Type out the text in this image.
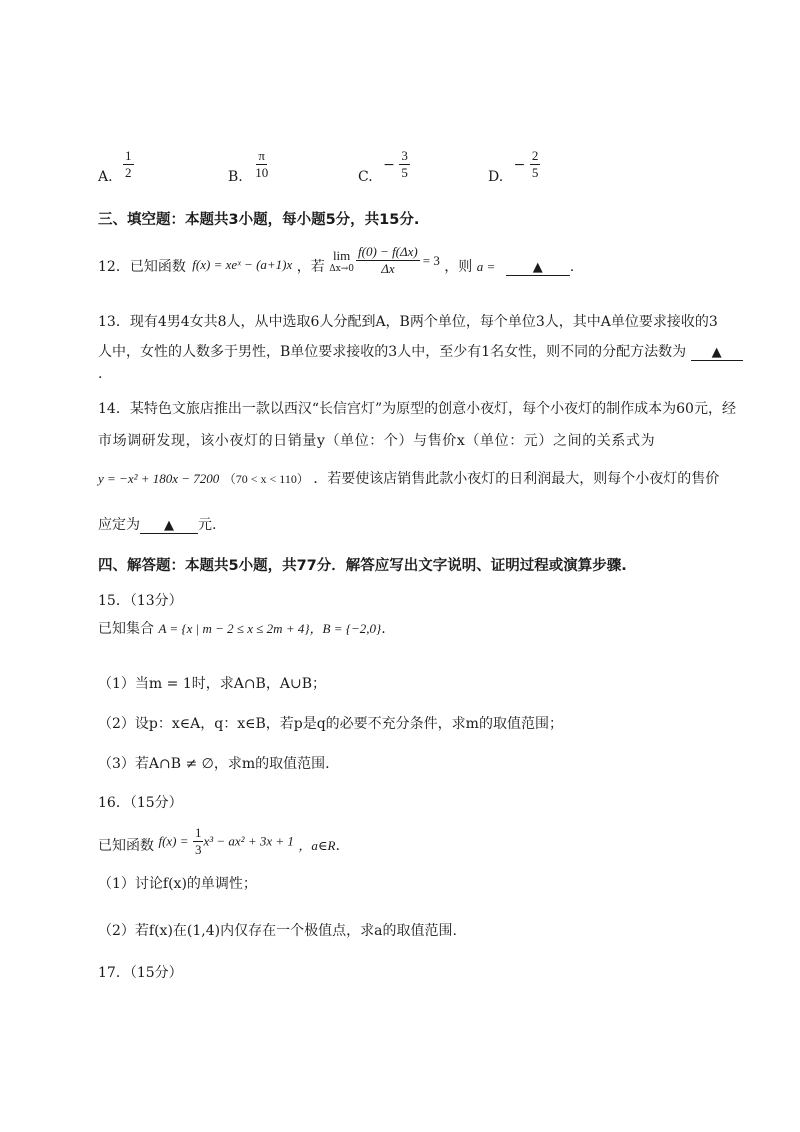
A. $\frac{1}{2}$	B. $\frac{\pi}{10}$	C. − $\frac{3}{5}$	D. − $\frac{2}{5}$
三、填空题：本题共3小题，每小题5分，共15分.
12．已知函数 f(x) = xeˣ − (a+1)x ，若
lim
$\Delta x\to 0 \frac{f(0) - f(\Delta x)}{\Delta x} = 3$ ，则 a =	▲ .
13．现有4男4女共8人，从中选取6人分配到A，B两个单位，每个单位3人，其中A单位要求接收的3
人中，女性的人数多于男性，B单位要求接收的3人中，至少有1名女性，则不同的分配方法数为 ▲
.
14．某特色文旅店推出一款以西汉“长信宫灯”为原型的创意小夜灯，每个小夜灯的制作成本为60元，经
市场调研发现，该小夜灯的日销量y（单位：个）与售价x（单位：元）之间的关系式为
y = −x² + 180x − 7200 （70 < x < 110） ．若要使该店销售此款小夜灯的日利润最大，则每个小夜灯的售价
应定为 ▲ 元.
四、解答题：本题共5小题，共77分．解答应写出文字说明、证明过程或演算步骤.
15．（13分）
已知集合 A = {x | m − 2 ≤ x ≤ 2m + 4}，B = {−2,0}.
（1）当m = 1时，求A∩B，A∪B；
（2）设p：x∈A，q：x∈B，若p是q的必要不充分条件，求m的取值范围；
（3）若A∩B ≠ ∅，求m的取值范围.
16．（15分）
已知函数 $f(x) = \frac{1}{3} x^3 - ax^2 + 3x + 1$ ，a∈R.
（1）讨论f(x)的单调性；
（2）若f(x)在(1,4)内仅存在一个极值点，求a的取值范围.
17．（15分）
